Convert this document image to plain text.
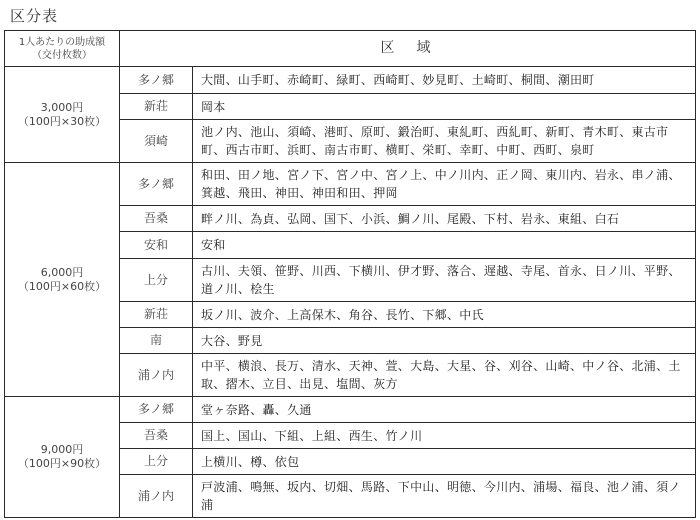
区分表
1人あたりの助成額
（交付枚数）	区　域	

3,000円
（100円×30枚）	多ノ郷	大間、山手町、赤崎町、緑町、西崎町、妙見町、土崎町、桐間、潮田町
	新荘	岡本
	須崎	池ノ内、池山、須崎、港町、原町、鍛治町、東糺町、西糺町、新町、青木町、東古市町、西古市町、浜町、南古市町、横町、栄町、幸町、中町、西町、泉町

6,000円
（100円×60枚）	多ノ郷	和田、田ノ地、宮ノ下、宮ノ中、宮ノ上、中ノ川内、正ノ岡、東川内、岩永、串ノ浦、箕越、飛田、神田、神田和田、押岡
	吾桑	畔ノ川、為貞、弘岡、国下、小浜、鯛ノ川、尾殿、下村、岩永、東組、白石
	安和	安和
	上分	古川、夫領、笹野、川西、下横川、伊才野、落合、遅越、寺尾、首永、日ノ川、平野、道ノ川、桧生
	新荘	坂ノ川、波介、上高保木、角谷、長竹、下郷、中氏
	南	大谷、野見
	浦ノ内	中平、横浪、長万、清水、天神、萱、大島、大星、谷、刈谷、山崎、中ノ谷、北浦、土取、摺木、立目、出見、塩間、灰方

9,000円
（100円×90枚）	多ノ郷	堂ヶ奈路、轟、久通
	吾桑	国上、国山、下組、上組、西生、竹ノ川
	上分	上横川、樽、依包
	浦ノ内	戸波浦、鳴無、坂内、切畑、馬路、下中山、明徳、今川内、浦場、福良、池ノ浦、須ノ浦
